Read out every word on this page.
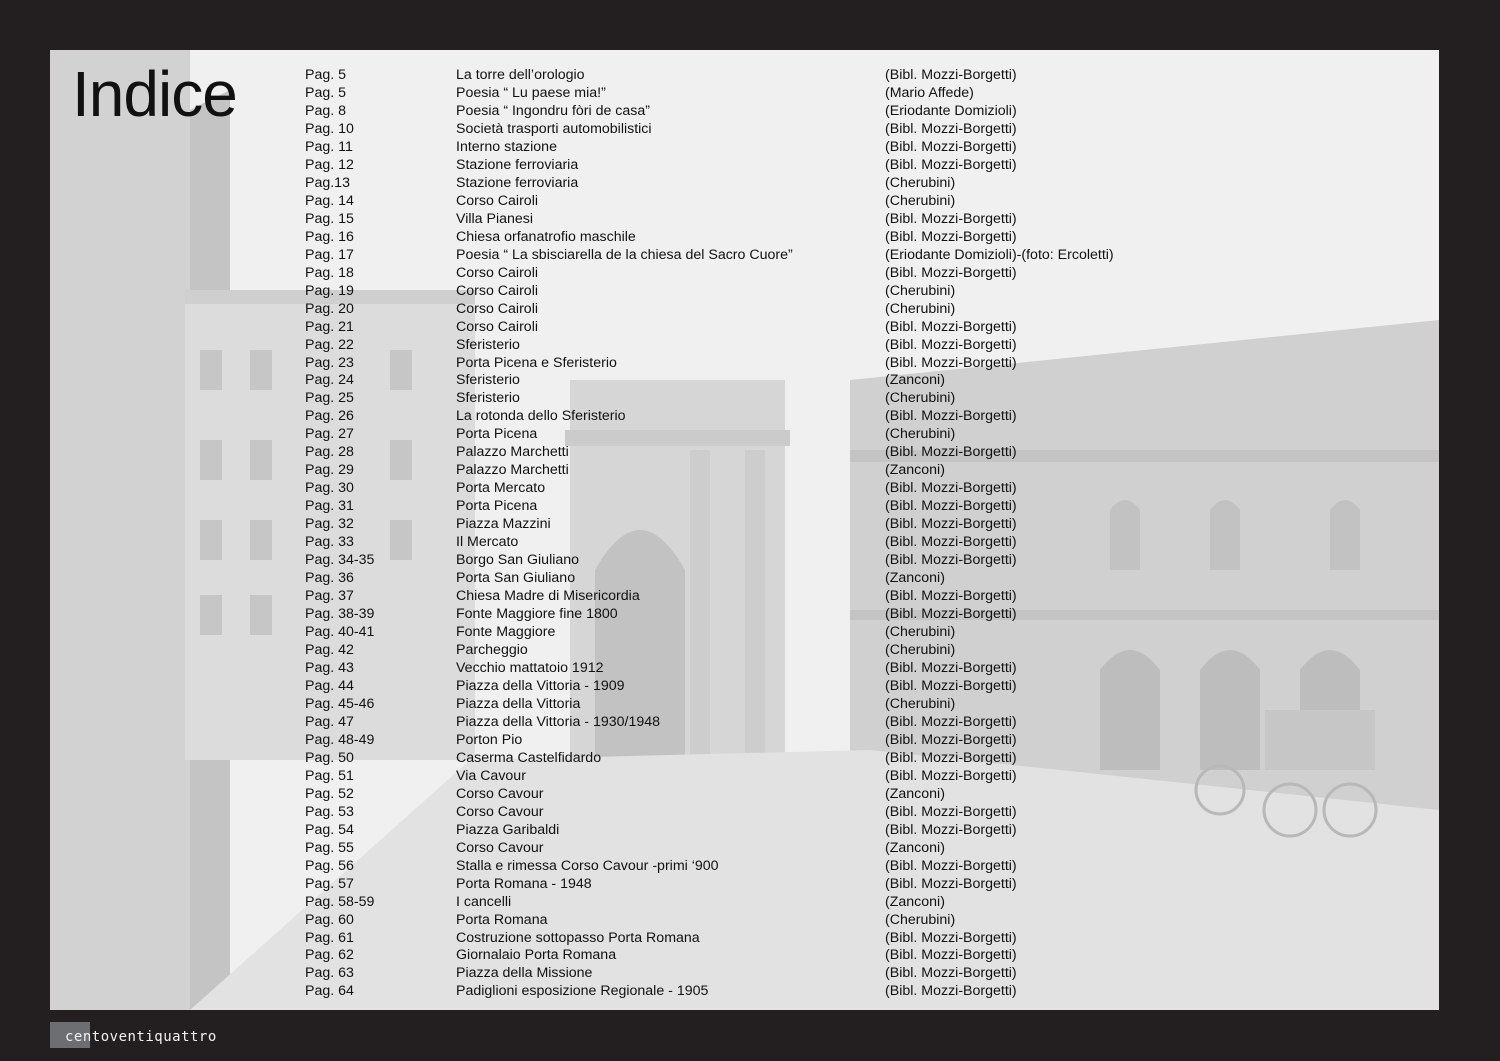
Indice	Pag. 5	La torre dell’orologio	(Bibl. Mozzi-Borgetti)
Pag. 5	Poesia “ Lu paese mia!”	(Mario Affede)
Pag. 8	Poesia “ Ingondru fòri de casa”	(Eriodante Domizioli)
Pag. 10	Società trasporti automobilistici	(Bibl. Mozzi-Borgetti)
Pag. 11	Interno stazione	(Bibl. Mozzi-Borgetti)
Pag. 12	Stazione ferroviaria	(Bibl. Mozzi-Borgetti)
Pag.13	Stazione ferroviaria	(Cherubini)
Pag. 14	Corso Cairoli	(Cherubini)
Pag. 15	Villa Pianesi	(Bibl. Mozzi-Borgetti)
Pag. 16	Chiesa orfanatrofio maschile	(Bibl. Mozzi-Borgetti)
Pag. 17	Poesia “ La sbisciarella de la chiesa del Sacro Cuore”	(Eriodante Domizioli)-(foto: Ercoletti)
Pag. 18	Corso Cairoli	(Bibl. Mozzi-Borgetti)
Pag. 19	Corso Cairoli	(Cherubini)
Pag. 20	Corso Cairoli	(Cherubini)
Pag. 21	Corso Cairoli	(Bibl. Mozzi-Borgetti)
Pag. 22	Sferisterio	(Bibl. Mozzi-Borgetti)
Pag. 23	Porta Picena e Sferisterio	(Bibl. Mozzi-Borgetti)
Pag. 24	Sferisterio	(Zanconi)
Pag. 25	Sferisterio	(Cherubini)
Pag. 26	La rotonda dello Sferisterio	(Bibl. Mozzi-Borgetti)
Pag. 27	Porta Picena	(Cherubini)
Pag. 28	Palazzo Marchetti	(Bibl. Mozzi-Borgetti)
Pag. 29	Palazzo Marchetti	(Zanconi)
Pag. 30	Porta Mercato	(Bibl. Mozzi-Borgetti)
Pag. 31	Porta Picena	(Bibl. Mozzi-Borgetti)
Pag. 32	Piazza Mazzini	(Bibl. Mozzi-Borgetti)
Pag. 33	Il Mercato	(Bibl. Mozzi-Borgetti)
Pag. 34-35	Borgo San Giuliano	(Bibl. Mozzi-Borgetti)
Pag. 36	Porta San Giuliano	(Zanconi)
Pag. 37	Chiesa Madre di Misericordia	(Bibl. Mozzi-Borgetti)
Pag. 38-39	Fonte Maggiore fine 1800	(Bibl. Mozzi-Borgetti)
Pag. 40-41	Fonte Maggiore	(Cherubini)
Pag. 42	Parcheggio	(Cherubini)
Pag. 43	Vecchio mattatoio 1912	(Bibl. Mozzi-Borgetti)
Pag. 44	Piazza della Vittoria - 1909	(Bibl. Mozzi-Borgetti)
Pag. 45-46	Piazza della Vittoria	(Cherubini)
Pag. 47	Piazza della Vittoria - 1930/1948	(Bibl. Mozzi-Borgetti)
Pag. 48-49	Porton Pio	(Bibl. Mozzi-Borgetti)
Pag. 50	Caserma Castelfidardo	(Bibl. Mozzi-Borgetti)
Pag. 51	Via Cavour	(Bibl. Mozzi-Borgetti)
Pag. 52	Corso Cavour	(Zanconi)
Pag. 53	Corso Cavour	(Bibl. Mozzi-Borgetti)
Pag. 54	Piazza Garibaldi	(Bibl. Mozzi-Borgetti)
Pag. 55	Corso Cavour	(Zanconi)
Pag. 56	Stalla e rimessa Corso Cavour -primi ‘900	(Bibl. Mozzi-Borgetti)
Pag. 57	Porta Romana - 1948	(Bibl. Mozzi-Borgetti)
Pag. 58-59	I cancelli	(Zanconi)
Pag. 60	Porta Romana	(Cherubini)
Pag. 61	Costruzione sottopasso Porta Romana	(Bibl. Mozzi-Borgetti)
Pag. 62	Giornalaio Porta Romana	(Bibl. Mozzi-Borgetti)
Pag. 63	Piazza della Missione	(Bibl. Mozzi-Borgetti)
Pag. 64	Padiglioni esposizione Regionale - 1905	(Bibl. Mozzi-Borgetti)
centoventiquattro
